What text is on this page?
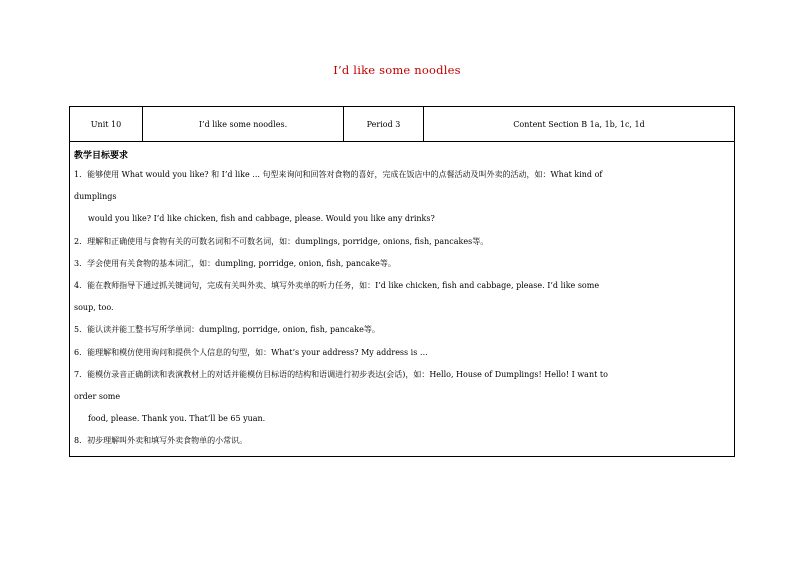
I’d like some noodles
Unit 10	I’d like some noodles.	Period 3	Content Section B 1a, 1b, 1c, 1d

教学目标要求
1．能够使用 What would you like? 和 I’d like ... 句型来询问和回答对食物的喜好，完成在饭店中的点餐活动及叫外卖的活动，如：What kind of
dumplings
would you like? I’d like chicken, fish and cabbage, please. Would you like any drinks?
2．理解和正确使用与食物有关的可数名词和不可数名词，如：dumplings, porridge, onions, fish, pancakes等。
3．学会使用有关食物的基本词汇，如：dumpling, porridge, onion, fish, pancake等。
4．能在教师指导下通过抓关键词句，完成有关叫外卖、填写外卖单的听力任务，如：I’d like chicken, fish and cabbage, please. I’d like some
soup, too.
5．能认读并能工整书写所学单词：dumpling, porridge, onion, fish, pancake等。
6．能理解和模仿使用询问和提供个人信息的句型，如：What’s your address? My address is …
7．能模仿录音正确朗读和表演教材上的对话并能模仿目标语的结构和语调进行初步表达(会话)，如：Hello, House of Dumplings! Hello! I want to
order some
food, please. Thank you. That’ll be 65 yuan.
8．初步理解叫外卖和填写外卖食物单的小常识。
